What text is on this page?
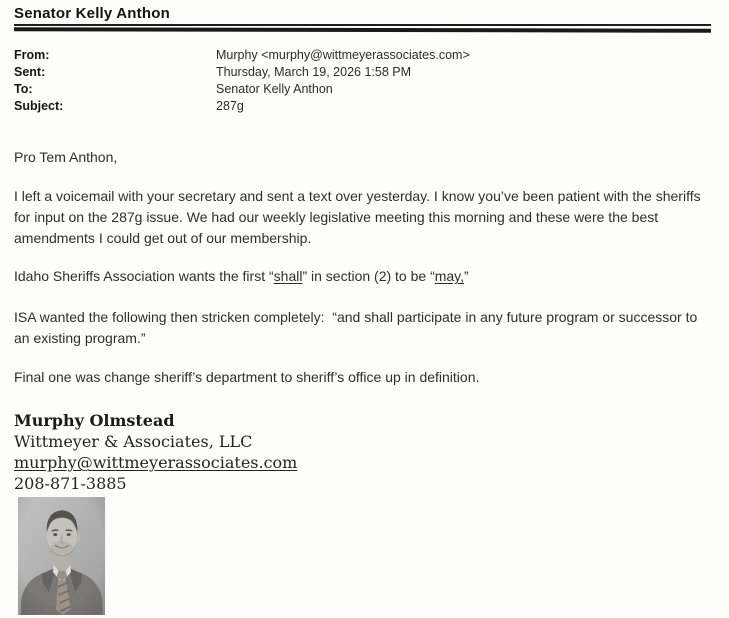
Senator Kelly Anthon
From:	Murphy <murphy@wittmeyerassociates.com>
Sent:	Thursday, March 19, 2026 1:58 PM
To:	Senator Kelly Anthon
Subject:	287g

Pro Tem Anthon,

I left a voicemail with your secretary and sent a text over yesterday. I know you’ve been patient with the sheriffs for input on the 287g issue. We had our weekly legislative meeting this morning and these were the best amendments I could get out of our membership.

Idaho Sheriffs Association wants the first “shall” in section (2) to be “may,”

ISA wanted the following then stricken completely:  “and shall participate in any future program or successor to an existing program.”

Final one was change sheriff’s department to sheriff’s office up in definition.

Murphy Olmstead
Wittmeyer & Associates, LLC
murphy@wittmeyerassociates.com
208-871-3885
